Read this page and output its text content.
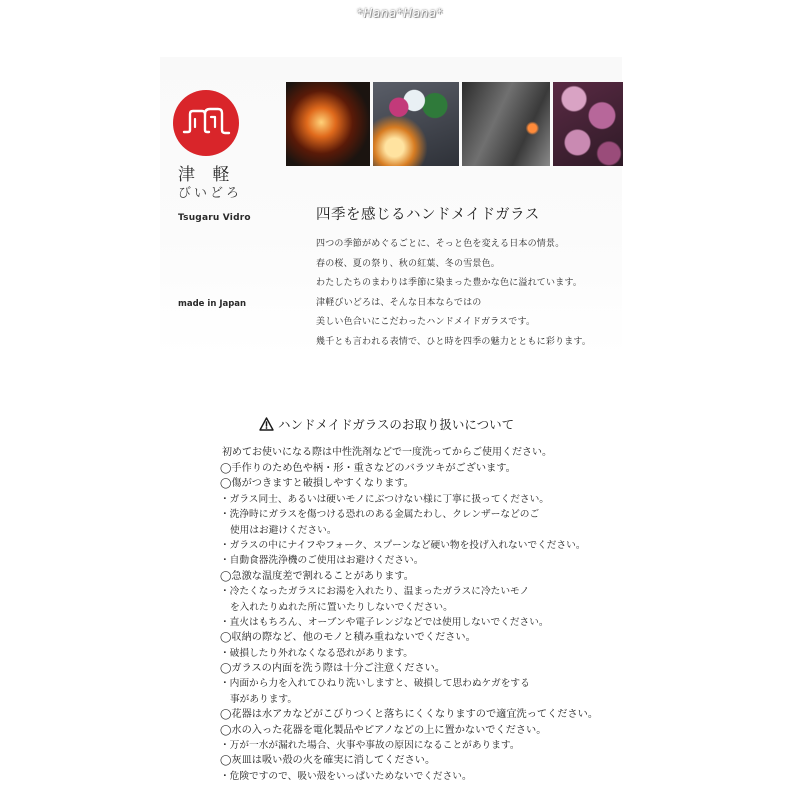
*Hana*Hana*
津 軽
びいどろ
Tsugaru Vidro
made in Japan
四季を感じるハンドメイドガラス
四つの季節がめぐるごとに、そっと色を変える日本の情景。
春の桜、夏の祭り、秋の紅葉、冬の雪景色。
わたしたちのまわりは季節に染まった豊かな色に溢れています。
津軽びいどろは、そんな日本ならではの
美しい色合いにこだわったハンドメイドガラスです。
幾千とも言われる表情で、ひと時を四季の魅力とともに彩ります。
ハンドメイドガラスのお取り扱いについて
初めてお使いになる際は中性洗剤などで一度洗ってからご使用ください。
◯手作りのため色や柄・形・重さなどのバラツキがございます。
◯傷がつきますと破損しやすくなります。
・ガラス同士、あるいは硬いモノにぶつけない様に丁寧に扱ってください。
・洗浄時にガラスを傷つける恐れのある金属たわし、クレンザーなどのご
使用はお避けください。
・ガラスの中にナイフやフォーク、スプーンなど硬い物を投げ入れないでください。
・自動食器洗浄機のご使用はお避けください。
◯急激な温度差で割れることがあります。
・冷たくなったガラスにお湯を入れたり、温まったガラスに冷たいモノ
を入れたりぬれた所に置いたりしないでください。
・直火はもちろん、オーブンや電子レンジなどでは使用しないでください。
◯収納の際など、他のモノと積み重ねないでください。
・破損したり外れなくなる恐れがあります。
◯ガラスの内面を洗う際は十分ご注意ください。
・内面から力を入れてひねり洗いしますと、破損して思わぬケガをする
事があります。
◯花器は水アカなどがこびりつくと落ちにくくなりますので適宜洗ってください。
◯水の入った花器を電化製品やピアノなどの上に置かないでください。
・万が一水が漏れた場合、火事や事故の原因になることがあります。
◯灰皿は吸い殻の火を確実に消してください。
・危険ですので、吸い殻をいっぱいためないでください。
